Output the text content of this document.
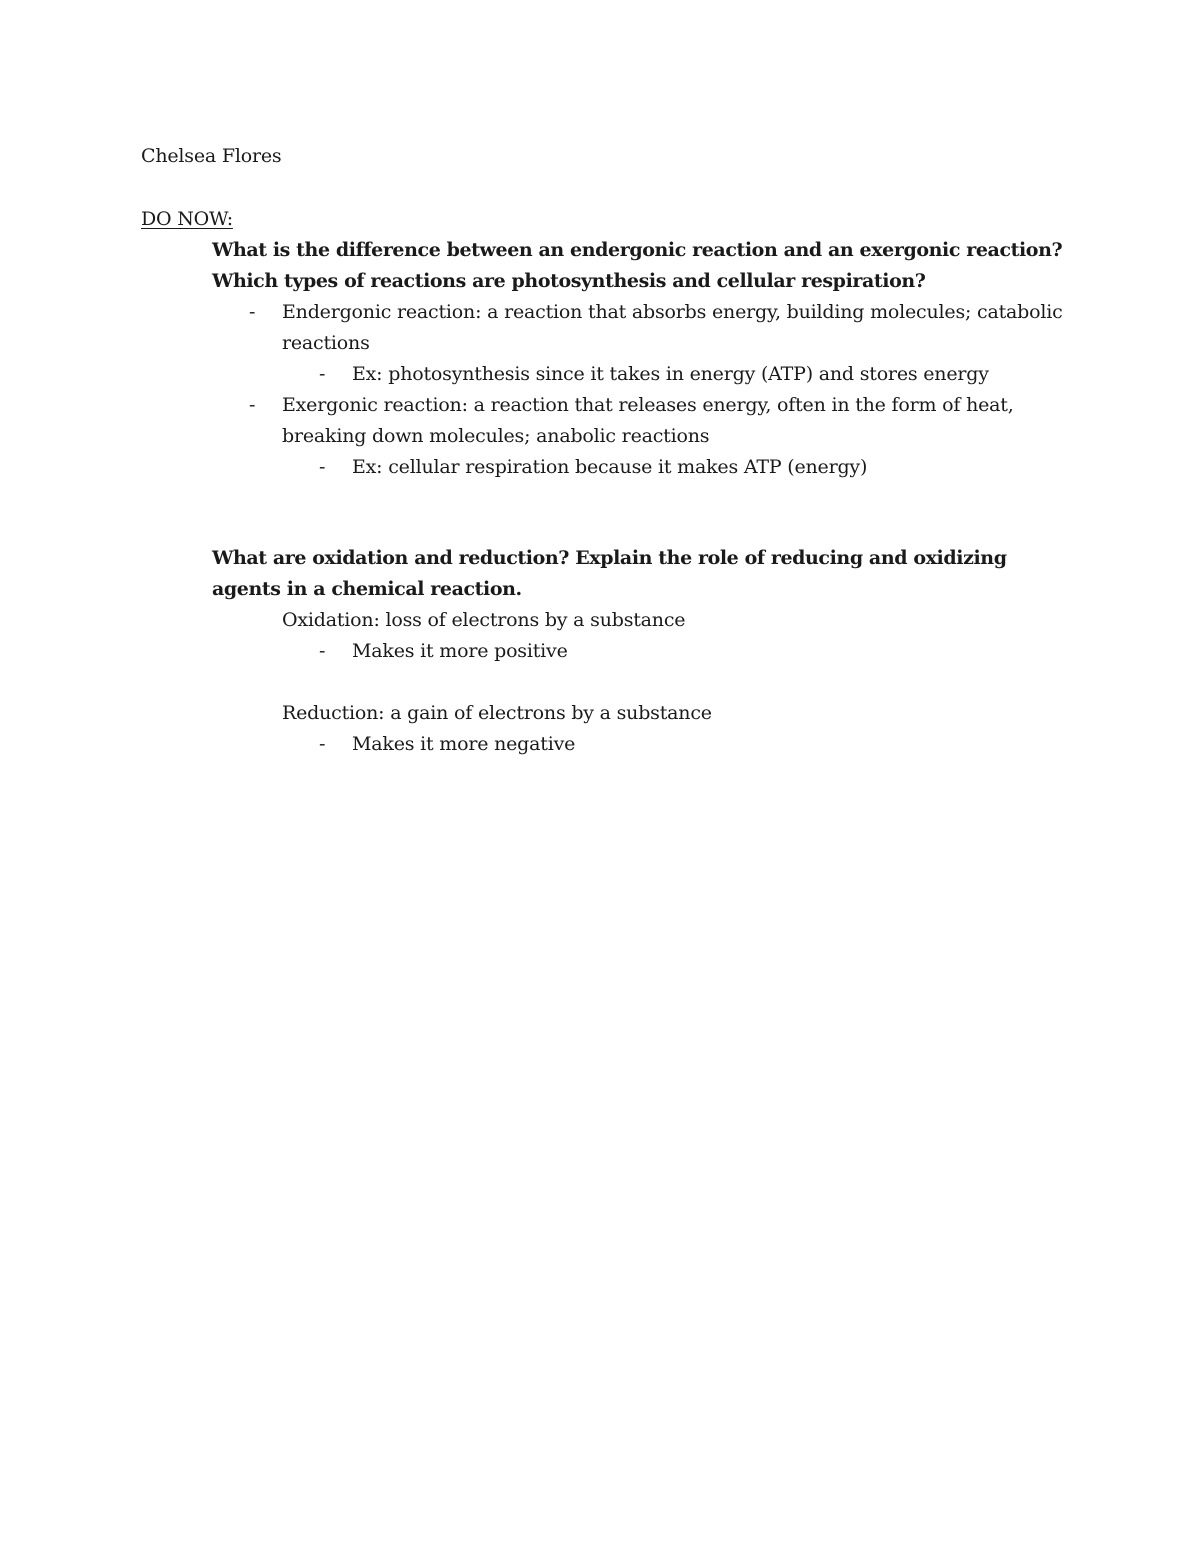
Chelsea Flores
DO NOW:
What is the difference between an endergonic reaction and an exergonic reaction?
Which types of reactions are photosynthesis and cellular respiration?
- Endergonic reaction: a reaction that absorbs energy, building molecules; catabolic
reactions
- Ex: photosynthesis since it takes in energy (ATP) and stores energy
- Exergonic reaction: a reaction that releases energy, often in the form of heat,
breaking down molecules; anabolic reactions
- Ex: cellular respiration because it makes ATP (energy)
What are oxidation and reduction? Explain the role of reducing and oxidizing
agents in a chemical reaction.
Oxidation: loss of electrons by a substance
- Makes it more positive
Reduction: a gain of electrons by a substance
- Makes it more negative
